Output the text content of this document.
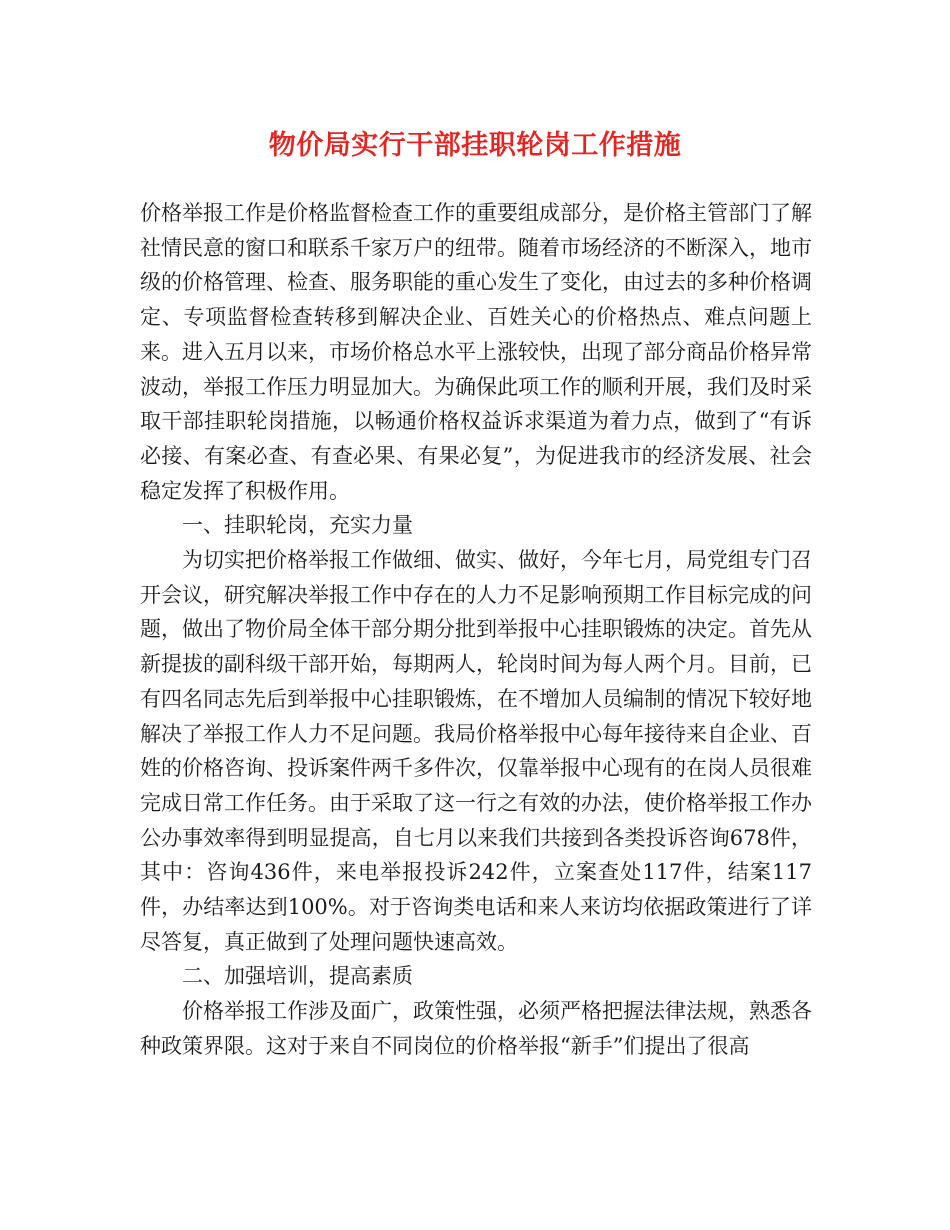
物价局实行干部挂职轮岗工作措施

价格举报工作是价格监督检查工作的重要组成部分，是价格主管部门了解社情民意的窗口和联系千家万户的纽带。随着市场经济的不断深入，地市级的价格管理、检查、服务职能的重心发生了变化，由过去的多种价格调定、专项监督检查转移到解决企业、百姓关心的价格热点、难点问题上来。进入五月以来，市场价格总水平上涨较快，出现了部分商品价格异常波动，举报工作压力明显加大。为确保此项工作的顺利开展，我们及时采取干部挂职轮岗措施，以畅通价格权益诉求渠道为着力点，做到了“有诉必接、有案必查、有查必果、有果必复”，为促进我市的经济发展、社会稳定发挥了积极作用。

一、挂职轮岗，充实力量

为切实把价格举报工作做细、做实、做好，今年七月，局党组专门召开会议，研究解决举报工作中存在的人力不足影响预期工作目标完成的问题，做出了物价局全体干部分期分批到举报中心挂职锻炼的决定。首先从新提拔的副科级干部开始，每期两人，轮岗时间为每人两个月。目前，已有四名同志先后到举报中心挂职锻炼，在不增加人员编制的情况下较好地解决了举报工作人力不足问题。我局价格举报中心每年接待来自企业、百姓的价格咨询、投诉案件两千多件次，仅靠举报中心现有的在岗人员很难完成日常工作任务。由于采取了这一行之有效的办法，使价格举报工作办公办事效率得到明显提高，自七月以来我们共接到各类投诉咨询678件，其中：咨询436件，来电举报投诉242件，立案查处117件，结案117件，办结率达到100%。对于咨询类电话和来人来访均依据政策进行了详尽答复，真正做到了处理问题快速高效。

二、加强培训，提高素质

价格举报工作涉及面广，政策性强，必须严格把握法律法规，熟悉各种政策界限。这对于来自不同岗位的价格举报“新手”们提出了很高
